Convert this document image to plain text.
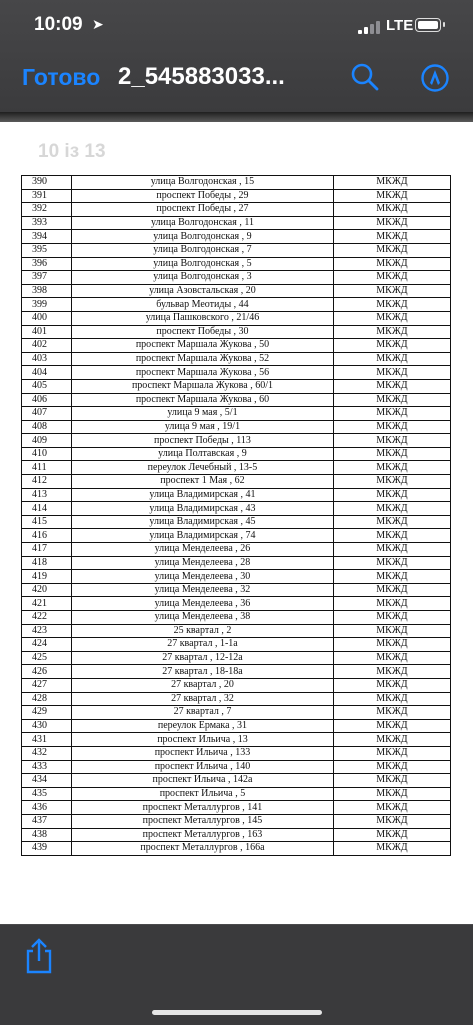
10:09 ➤	LTE
Готово 2_545883033...
10 із 13
390	улица Волгодонская , 15	МКЖД
391	проспект Победы , 29	МКЖД
392	проспект Победы , 27	МКЖД
393	улица Волгодонская , 11	МКЖД
394	улица Волгодонская , 9	МКЖД
395	улица Волгодонская , 7	МКЖД
396	улица Волгодонская , 5	МКЖД
397	улица Волгодонская , 3	МКЖД
398	улица Азовстальская , 20	МКЖД
399	бульвар Меотиды , 44	МКЖД
400	улица Пашковского , 21/46	МКЖД
401	проспект Победы , 30	МКЖД
402	проспект Маршала Жукова , 50	МКЖД
403	проспект Маршала Жукова , 52	МКЖД
404	проспект Маршала Жукова , 56	МКЖД
405	проспект Маршала Жукова , 60/1	МКЖД
406	проспект Маршала Жукова , 60	МКЖД
407	улица 9 мая , 5/1	МКЖД
408	улица 9 мая , 19/1	МКЖД
409	проспект Победы , 113	МКЖД
410	улица Полтавская , 9	МКЖД
411	переулок Лечебный , 13-5	МКЖД
412	проспект 1 Мая , 62	МКЖД
413	улица Владимирская , 41	МКЖД
414	улица Владимирская , 43	МКЖД
415	улица Владимирская , 45	МКЖД
416	улица Владимирская , 74	МКЖД
417	улица Менделеева , 26	МКЖД
418	улица Менделеева , 28	МКЖД
419	улица Менделеева , 30	МКЖД
420	улица Менделеева , 32	МКЖД
421	улица Менделеева , 36	МКЖД
422	улица Менделеева , 38	МКЖД
423	25 квартал , 2	МКЖД
424	27 квартал , 1-1а	МКЖД
425	27 квартал , 12-12а	МКЖД
426	27 квартал , 18-18а	МКЖД
427	27 квартал , 20	МКЖД
428	27 квартал , 32	МКЖД
429	27 квартал , 7	МКЖД
430	переулок Ермака , 31	МКЖД
431	проспект Ильича , 13	МКЖД
432	проспект Ильича , 133	МКЖД
433	проспект Ильича , 140	МКЖД
434	проспект Ильича , 142а	МКЖД
435	проспект Ильича , 5	МКЖД
436	проспект Металлургов , 141	МКЖД
437	проспект Металлургов , 145	МКЖД
438	проспект Металлургов , 163	МКЖД
439	проспект Металлургов , 166а	МКЖД
